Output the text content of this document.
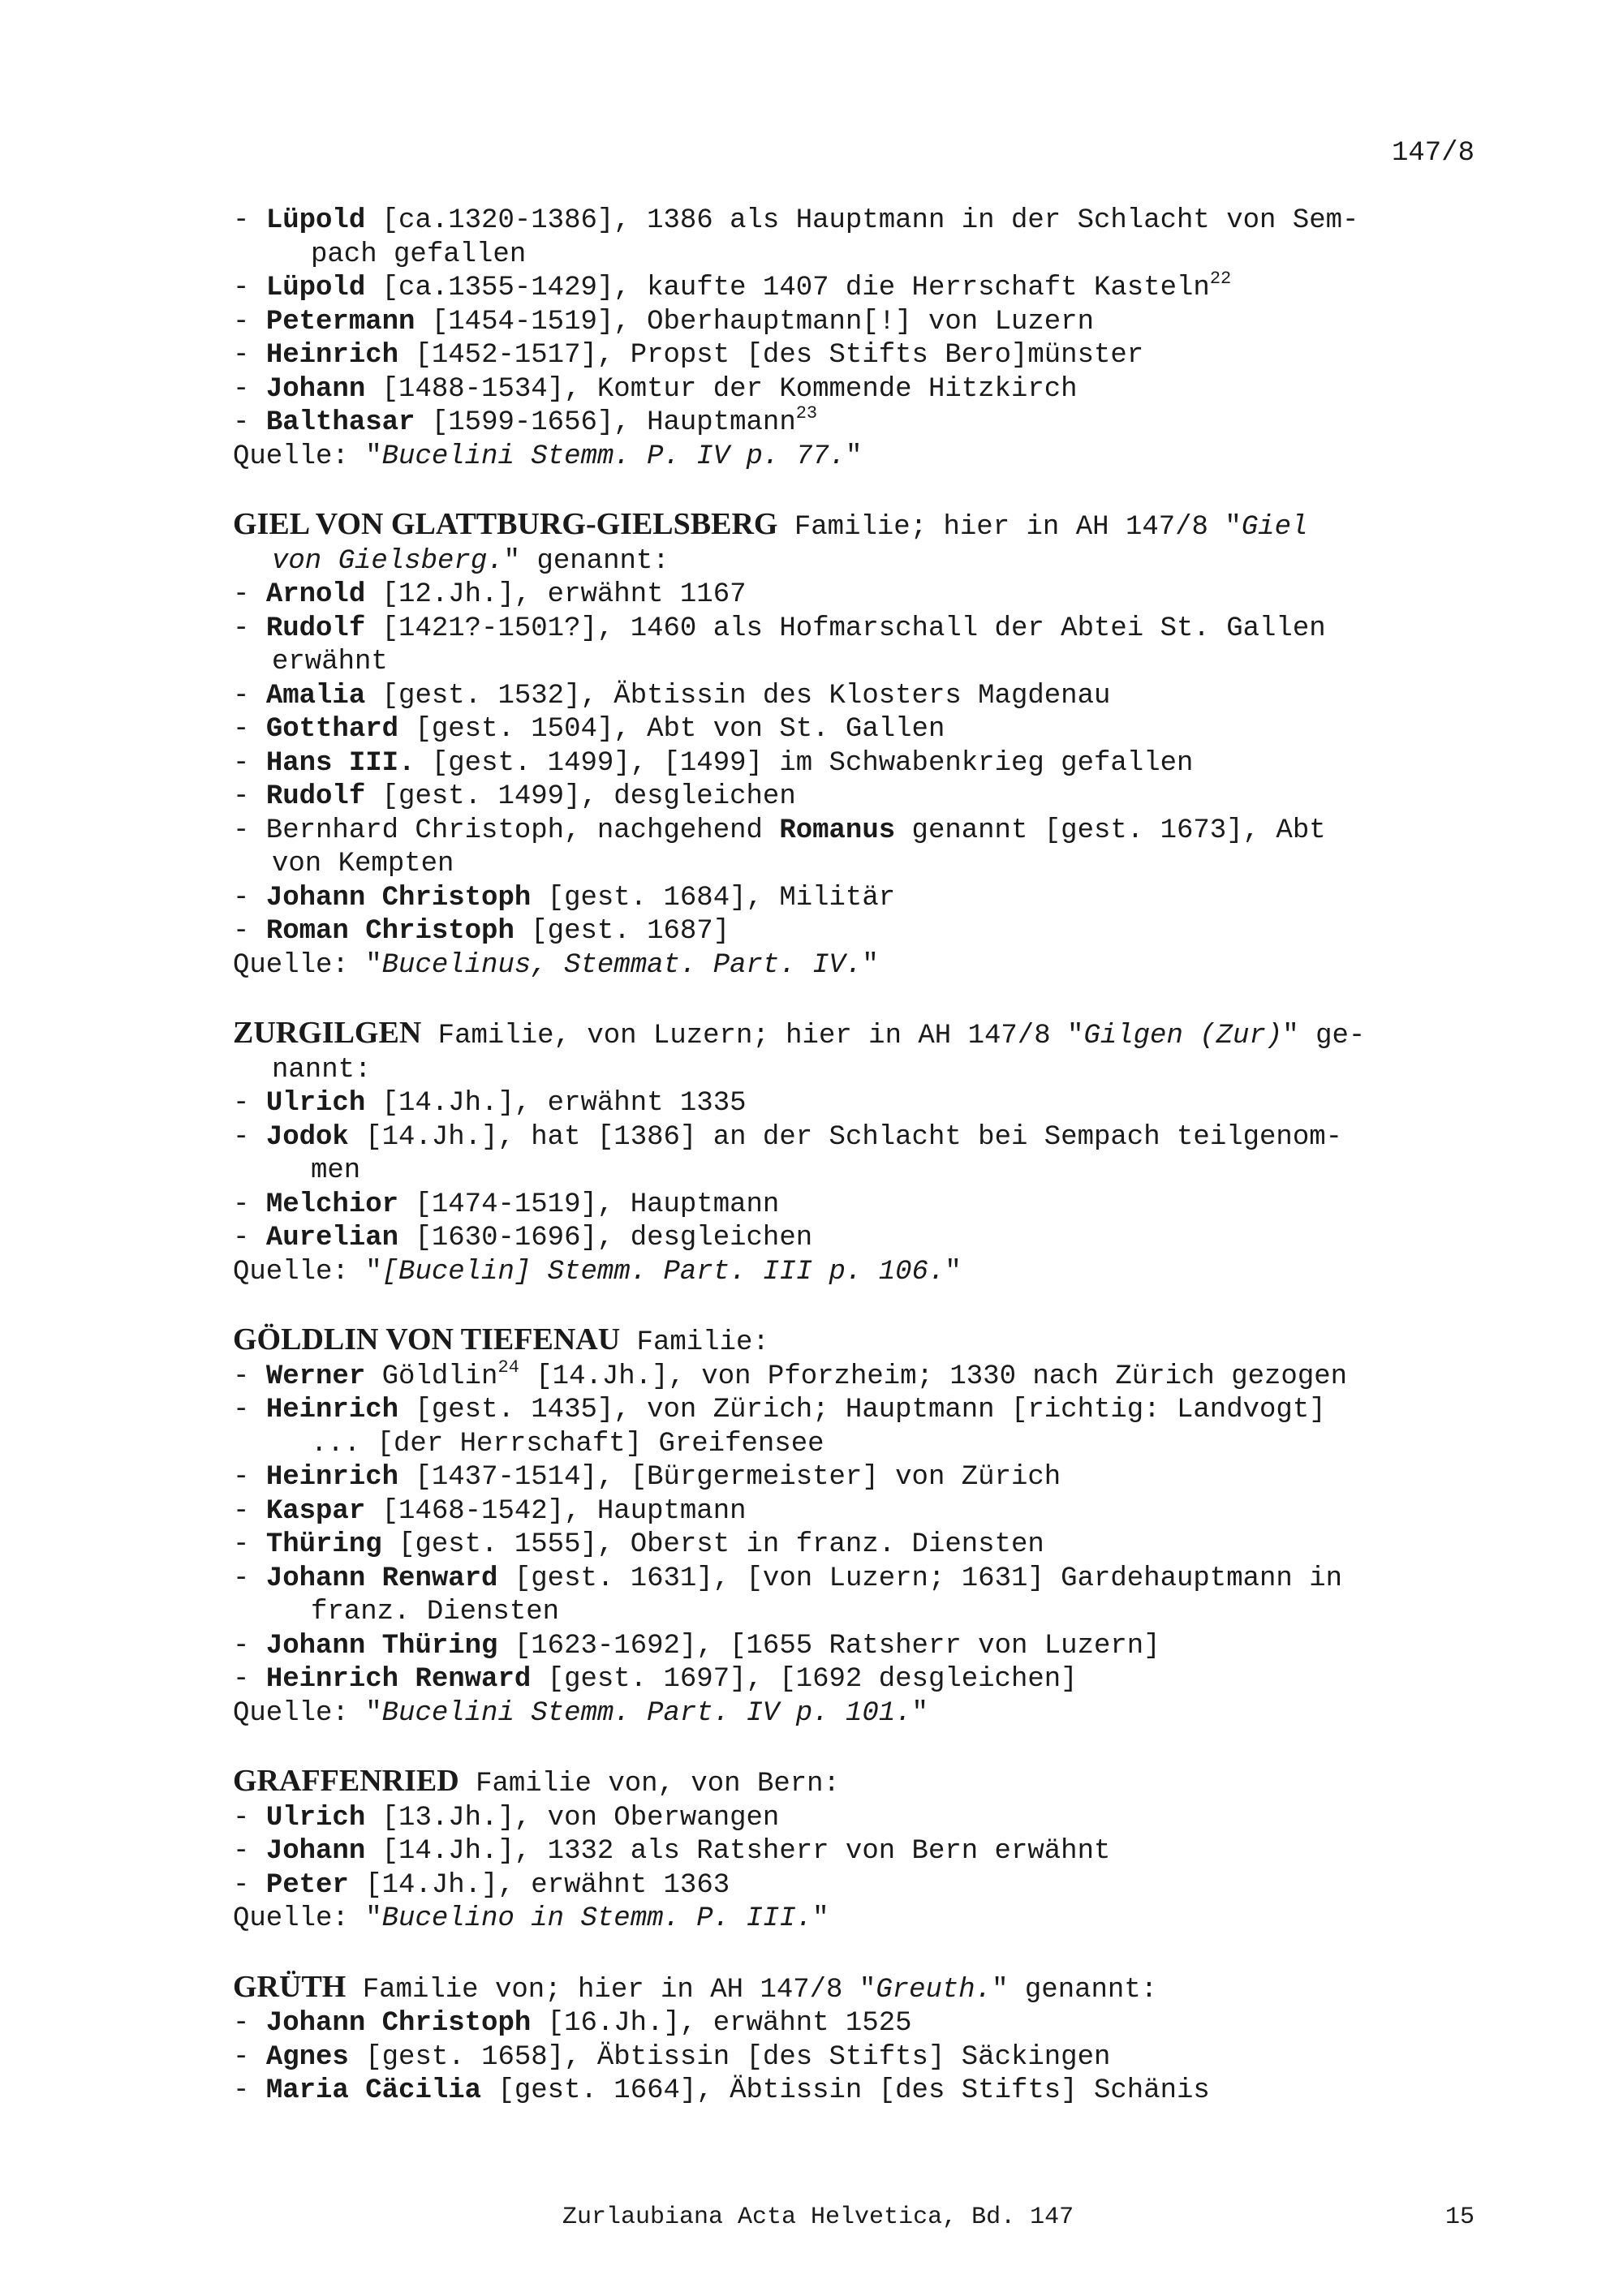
147/8
- Lüpold [ca.1320-1386], 1386 als Hauptmann in der Schlacht von Sem-
pach gefallen
- Lüpold [ca.1355-1429], kaufte 1407 die Herrschaft Kasteln$^{22}$
- Petermann [1454-1519], Oberhauptmann[!] von Luzern
- Heinrich [1452-1517], Propst [des Stifts Bero]münster
- Johann [1488-1534], Komtur der Kommende Hitzkirch
- Balthasar [1599-1656], Hauptmann$^{23}$
Quelle: "Bucelini Stemm. P. IV p. 77."
GIEL VON GLATTBURG-GIELSBERG Familie; hier in AH 147/8 "Giel
von Gielsberg." genannt:
- Arnold [12.Jh.], erwähnt 1167
- Rudolf [1421?-1501?], 1460 als Hofmarschall der Abtei St. Gallen
erwähnt
- Amalia [gest. 1532], Äbtissin des Klosters Magdenau
- Gotthard [gest. 1504], Abt von St. Gallen
- Hans III. [gest. 1499], [1499] im Schwabenkrieg gefallen
- Rudolf [gest. 1499], desgleichen
- Bernhard Christoph, nachgehend Romanus genannt [gest. 1673], Abt
von Kempten
- Johann Christoph [gest. 1684], Militär
- Roman Christoph [gest. 1687]
Quelle: "Bucelinus, Stemmat. Part. IV."
ZURGILGEN Familie, von Luzern; hier in AH 147/8 "Gilgen (Zur)" ge-
nannt:
- Ulrich [14.Jh.], erwähnt 1335
- Jodok [14.Jh.], hat [1386] an der Schlacht bei Sempach teilgenom-
men
- Melchior [1474-1519], Hauptmann
- Aurelian [1630-1696], desgleichen
Quelle: "[Bucelin] Stemm. Part. III p. 106."
GÖLDLIN VON TIEFENAU Familie:
- Werner Göldlin$^{24}$ [14.Jh.], von Pforzheim; 1330 nach Zürich gezogen
- Heinrich [gest. 1435], von Zürich; Hauptmann [richtig: Landvogt]
... [der Herrschaft] Greifensee
- Heinrich [1437-1514], [Bürgermeister] von Zürich
- Kaspar [1468-1542], Hauptmann
- Thüring [gest. 1555], Oberst in franz. Diensten
- Johann Renward [gest. 1631], [von Luzern; 1631] Gardehauptmann in
franz. Diensten
- Johann Thüring [1623-1692], [1655 Ratsherr von Luzern]
- Heinrich Renward [gest. 1697], [1692 desgleichen]
Quelle: "Bucelini Stemm. Part. IV p. 101."
GRAFFENRIED Familie von, von Bern:
- Ulrich [13.Jh.], von Oberwangen
- Johann [14.Jh.], 1332 als Ratsherr von Bern erwähnt
- Peter [14.Jh.], erwähnt 1363
Quelle: "Bucelino in Stemm. P. III."
GRÜTH Familie von; hier in AH 147/8 "Greuth." genannt:
- Johann Christoph [16.Jh.], erwähnt 1525
- Agnes [gest. 1658], Äbtissin [des Stifts] Säckingen
- Maria Cäcilia [gest. 1664], Äbtissin [des Stifts] Schänis
Zurlaubiana Acta Helvetica, Bd. 147	15
